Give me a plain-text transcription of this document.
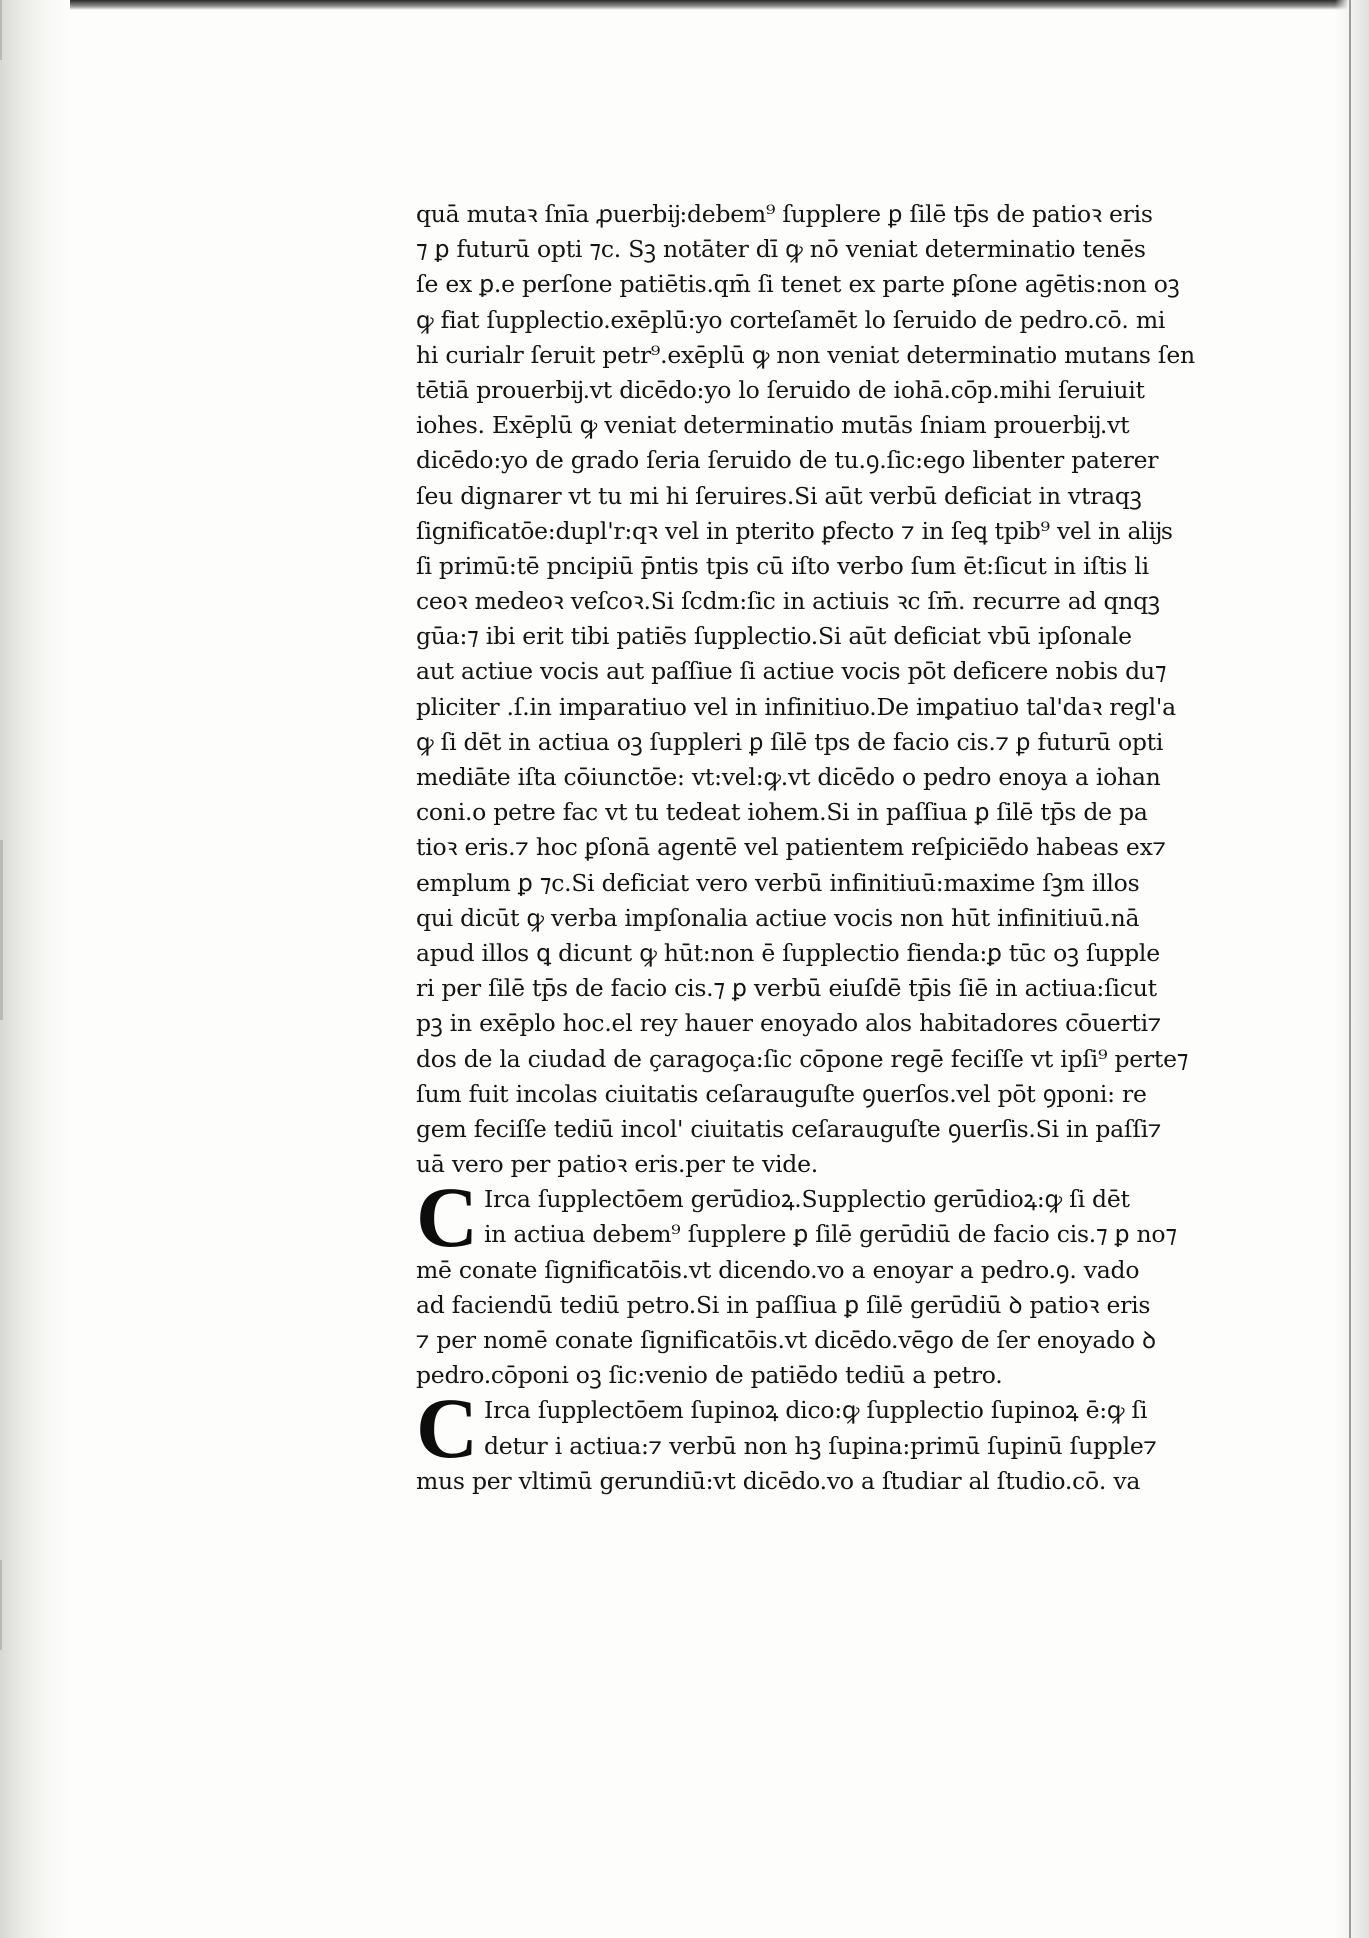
quā mutaꝛ ſnīa ꝓuerbĳ:debem⁹ ſupplere ꝑ ſilē tp̄s de patioꝛ eris
⁊ ꝑ futurū opti ⁊c. Sꝫ notāter dī ꝙ nō veniat determinatio tenēs
ſe ex ꝑ.e perſone patiētis.qm̄ ſi tenet ex parte ꝑſone agētis:non oꝫ
ꝙ fiat ſupplectio.exēplū:yo corteſamēt lo ſeruido de pedro.cō. mi
hi curialr ſeruit petr⁹.exēplū ꝙ non veniat determinatio mutans ſen
tētiā prouerbĳ.vt dicēdo:yo lo ſeruido de iohā.cōp.mihi ſeruiuit
iohes. Exēplū ꝙ veniat determinatio mutās ſniam prouerbĳ.vt
dicēdo:yo de grado ſeria ſeruido de tu.ꝯ.ſic:ego libenter paterer
ſeu dignarer vt tu mi hi ſeruires.Si aūt verbū deficiat in vtraqꝫ
ſignificatōe:dupl'r:qꝛ vel in pterito ꝑfecto ⁊ in ſeꝗ tpib⁹ vel in alĳs
ſi primū:tē pncipiū p̄ntis tpis cū iſto verbo ſum ēt:ſicut in iſtis li
ceoꝛ medeoꝛ veſcoꝛ.Si ſcdm:ſic in actiuis ꝛc ſm̄. recurre ad qnqꝫ
gūa:⁊ ibi erit tibi patiēs ſupplectio.Si aūt deficiat vbū ipſonale
aut actiue vocis aut paſſiue ſi actiue vocis pōt deficere nobis du⁊
pliciter .ſ.in imparatiuo vel in infinitiuo.De imꝑatiuo tal'daꝛ regl'a
ꝙ ſi dēt in actiua oꝫ ſuppleri ꝑ ſilē tps de facio cis.⁊ ꝑ futurū opti
mediāte iſta cōiunctōe: vt:vel:ꝙ.vt dicēdo o pedro enoya a iohan
coni.o petre fac vt tu tedeat iohem.Si in paſſiua ꝑ ſilē tp̄s de pa
tioꝛ eris.⁊ hoc ꝑſonā agentē vel patientem reſpiciēdo habeas ex⁊
emplum ꝑ ⁊c.Si deficiat vero verbū infinitiuū:maxime ſꝫm illos
qui dicūt ꝙ verba impſonalia actiue vocis non hūt infinitiuū.nā
apud illos ꝗ dicunt ꝙ hūt:non ē ſupplectio fienda:ꝑ tūc oꝫ ſupple
ri per ſilē tp̄s de facio cis.⁊ ꝑ verbū eiuſdē tp̄is ſiē in actiua:ſicut
pꝫ in exēplo hoc.el rey hauer enoyado alos habitadores cōuerti⁊
dos de la ciudad de çaragoça:ſic cōpone regē feciſſe vt ipſi⁹ perte⁊
ſum fuit incolas ciuitatis ceſarauguſte ꝯuerſos.vel pōt ꝯponi: re
gem feciſſe tediū incol' ciuitatis ceſarauguſte ꝯuerſis.Si in paſſi⁊
uā vero per patioꝛ eris.per te vide.
C Irca ſupplectōem gerūdioꝝ.Supplectio gerūdioꝝ:ꝙ ſi dēt
in actiua debem⁹ ſupplere ꝑ ſilē gerūdiū de facio cis.⁊ ꝑ no⁊
mē conate ſignificatōis.vt dicendo.vo a enoyar a pedro.ꝯ. vado
ad faciendū tediū petro.Si in paſſiua ꝑ ſilē gerūdiū ꝺ patioꝛ eris
⁊ per nomē conate ſignificatōis.vt dicēdo.vēgo de ſer enoyado ꝺ
pedro.cōponi oꝫ ſic:venio de patiēdo tediū a petro.
C Irca ſupplectōem ſupinoꝝ dico:ꝙ ſupplectio ſupinoꝝ ē:ꝙ ſi
detur i actiua:⁊ verbū non hꝫ ſupina:primū ſupinū ſupple⁊
mus per vltimū gerundiū:vt dicēdo.vo a ſtudiar al ſtudio.cō. va
